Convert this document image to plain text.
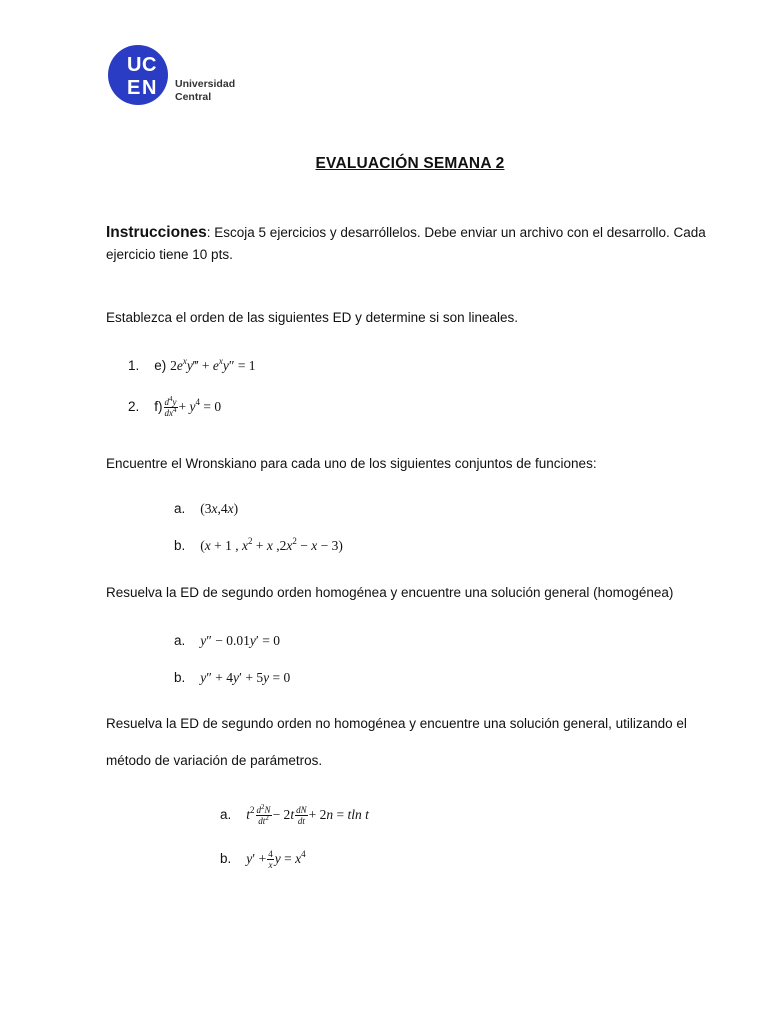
U C
E N Universidad
Central
EVALUACIÓN SEMANA 2
Instrucciones: Escoja 5 ejercicios y desarróllelos. Debe enviar un archivo con el desarrollo. Cada
ejercicio tiene 10 pts.
Establezca el orden de las siguientes ED y determine si son lineales.
1. e) $2e^xy‴ + e^xy'' = 1$
2. $f) \frac{d^4y}{dx^4} + y^4 = 0$
Encuentre el Wronskiano para cada uno de los siguientes conjuntos de funciones:
a. (3x,4x)
b. (x + 1 , $x^2 + x$ $,2x^2 - x - 3$)
Resuelva la ED de segundo orden homogénea y encuentre una solución general (homogénea)
a. y″ − 0.01y′ = 0
b. y″ + 4y′ + 5y = 0
Resuelva la ED de segundo orden no homogénea y encuentre una solución general, utilizando el
método de variación de parámetros.
a. $t^2 \frac{d^2N}{dt^2} - 2t \frac{dN}{dt} + 2n = tln$ t
b. $y' + \frac{4}{x}$ $y = x^4$
